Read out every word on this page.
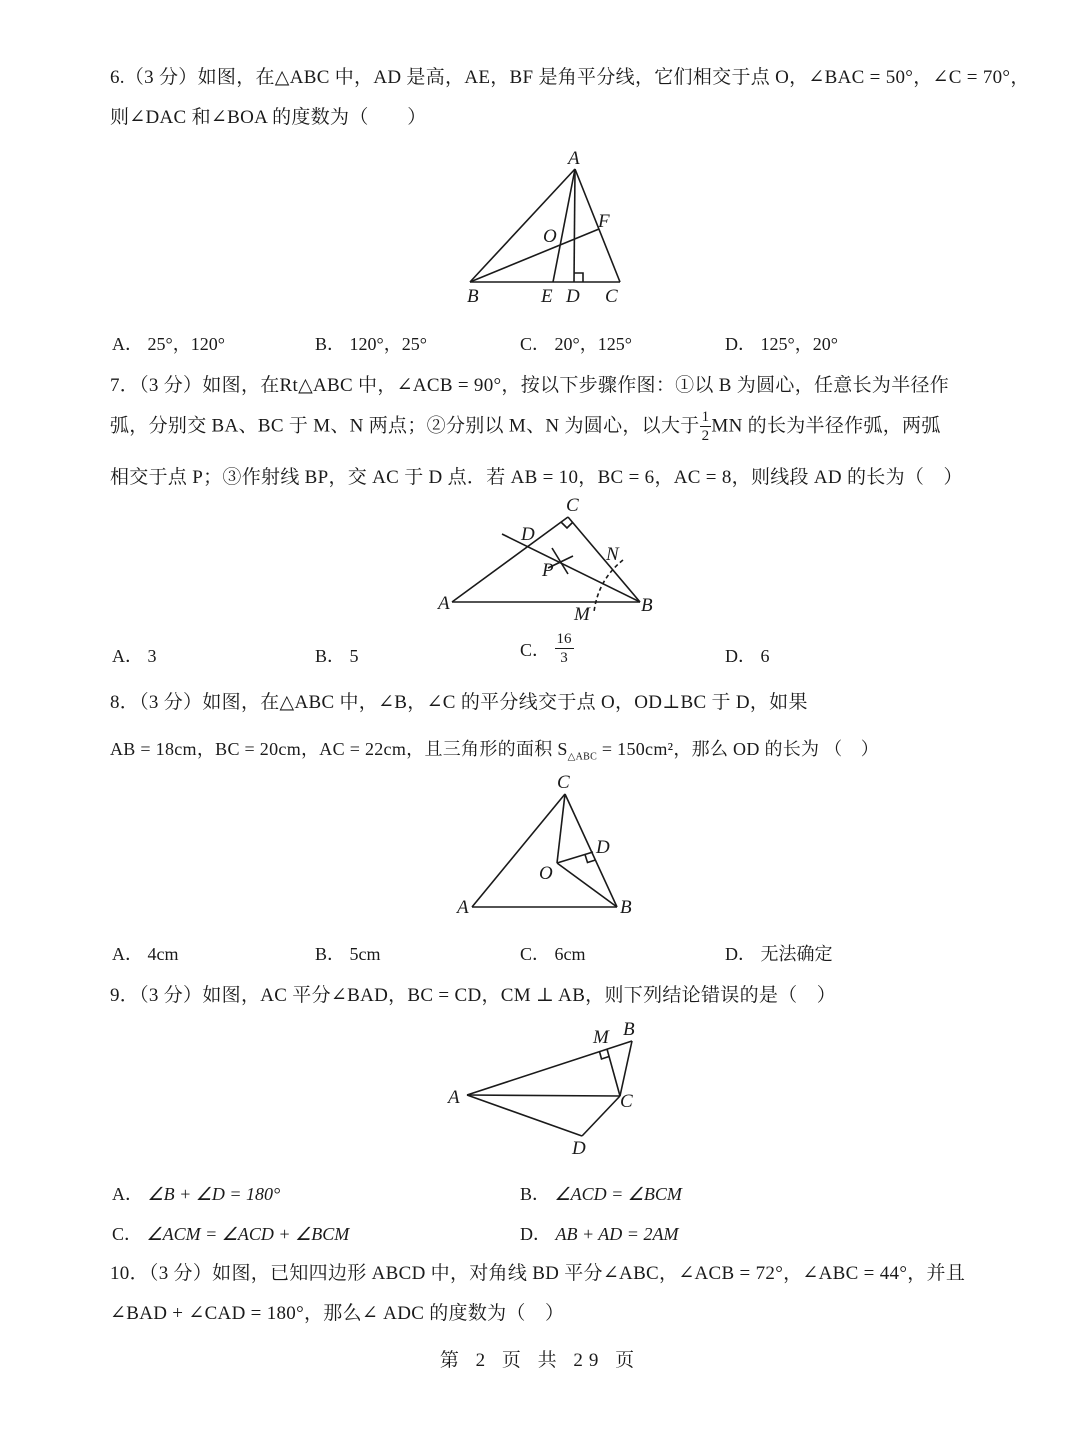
6.（3 分）如图，在△ABC 中，AD 是高，AE，BF 是角平分线，它们相交于点 O，∠BAC = 50°，∠C = 70°，
则∠DAC 和∠BOA 的度数为（　　）
A
B	E D C
F
O
A． 25°，120°	B． 120°，25°	C． 20°，125°	D． 125°，20°
7．（3 分）如图，在Rt△ABC 中，∠ACB = 90°，按以下步骤作图：①以 B 为圆心，任意长为半径作
弧，分别交 BA、BC 于 M、N 两点；②分别以 M、N 为圆心，以大于 $\frac{1}{2}$ MN 的长为半径作弧，两弧
相交于点 P；③作射线 BP，交 AC 于 D 点．若 AB = 10，BC = 6，AC = 8，则线段 AD 的长为（　）
A	B
C
D
P
N
M
A． 3	B． 5	C． $\frac{16}{3}$	D． 6
8．（3 分）如图，在△ABC 中，∠B，∠C 的平分线交于点 O，OD⊥BC 于 D，如果
AB = 18cm，BC = 20cm，AC = 22cm，且三角形的面积 $S_{\triangle ABC} = 150cm^2$，那么 OD 的长为 （　）
C
D
O
A	B
A． 4cm	B． 5cm	C． 6cm	D． 无法确定
9．（3 分）如图，AC 平分∠BAD，BC = CD，CM ⊥ AB，则下列结论错误的是（　）
A
B
M
C
D
A． ∠B + ∠D = 180°	B． ∠ACD = ∠BCM
C． ∠ACM = ∠ACD + ∠BCM	D． AB + AD = 2AM
10．（3 分）如图，已知四边形 ABCD 中，对角线 BD 平分∠ABC，∠ACB = 72°，∠ABC = 44°，并且
∠BAD + ∠CAD = 180°，那么∠ ADC 的度数为（　）
第 2 页 共 29 页
